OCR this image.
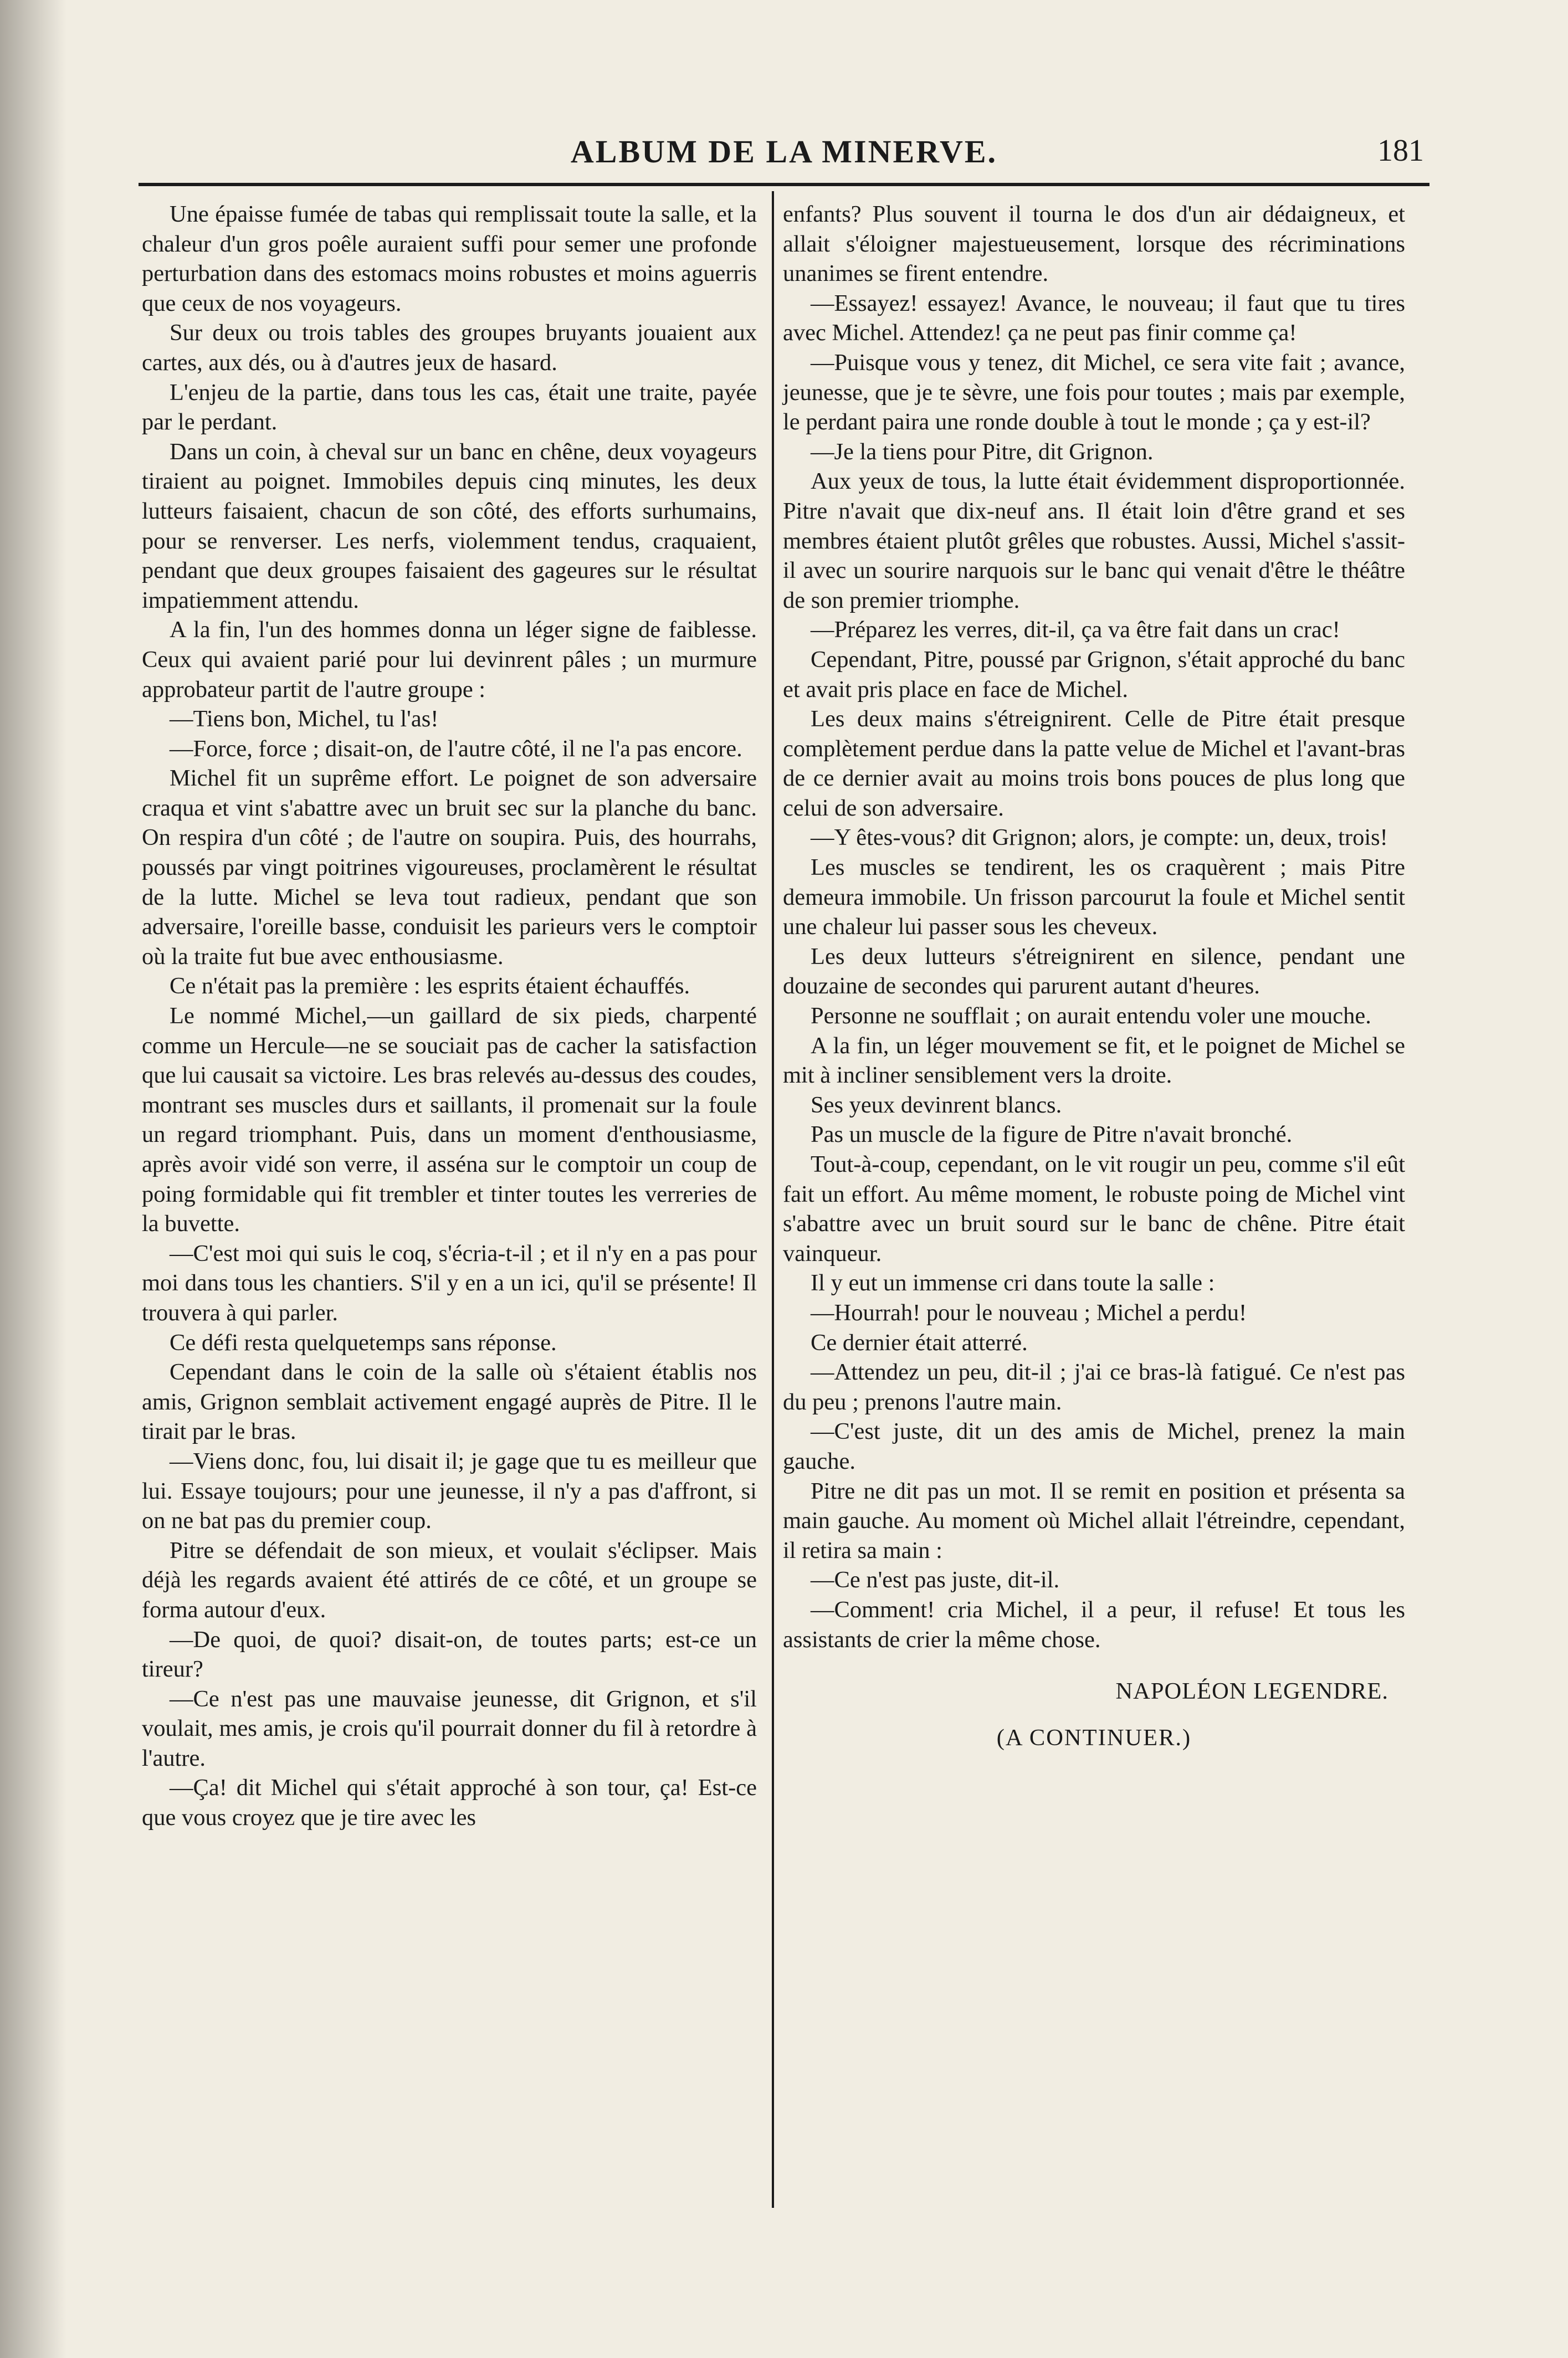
ALBUM DE LA MINERVE.	181

Une épaisse fumée de tabas qui remplissait toute la salle, et la chaleur d'un gros poêle auraient suffi pour semer une profonde perturbation dans des estomacs moins robustes et moins aguerris que ceux de nos voyageurs.

Sur deux ou trois tables des groupes bruyants jouaient aux cartes, aux dés, ou à d'autres jeux de hasard.

L'enjeu de la partie, dans tous les cas, était une traite, payée par le perdant.

Dans un coin, à cheval sur un banc en chêne, deux voyageurs tiraient au poignet. Immobiles depuis cinq minutes, les deux lutteurs faisaient, chacun de son côté, des efforts surhumains, pour se renverser. Les nerfs, violemment tendus, craquaient, pendant que deux groupes faisaient des gageures sur le résultat impatiemment attendu.

A la fin, l'un des hommes donna un léger signe de faiblesse. Ceux qui avaient parié pour lui devinrent pâles ; un murmure approbateur partit de l'autre groupe :

—Tiens bon, Michel, tu l'as!

—Force, force ; disait-on, de l'autre côté, il ne l'a pas encore.

Michel fit un suprême effort. Le poignet de son adversaire craqua et vint s'abattre avec un bruit sec sur la planche du banc. On respira d'un côté ; de l'autre on soupira. Puis, des hourrahs, poussés par vingt poitrines vigoureuses, proclamèrent le résultat de la lutte. Michel se leva tout radieux, pendant que son adversaire, l'oreille basse, conduisit les parieurs vers le comptoir où la traite fut bue avec enthousiasme.

Ce n'était pas la première : les esprits étaient échauffés.

Le nommé Michel,—un gaillard de six pieds, charpenté comme un Hercule—ne se souciait pas de cacher la satisfaction que lui causait sa victoire. Les bras relevés au-dessus des coudes, montrant ses muscles durs et saillants, il promenait sur la foule un regard triomphant. Puis, dans un moment d'enthousiasme, après avoir vidé son verre, il asséna sur le comptoir un coup de poing formidable qui fit trembler et tinter toutes les verreries de la buvette.

—C'est moi qui suis le coq, s'écria-t-il ; et il n'y en a pas pour moi dans tous les chantiers. S'il y en a un ici, qu'il se présente! Il trouvera à qui parler.

Ce défi resta quelquetemps sans réponse.

Cependant dans le coin de la salle où s'étaient établis nos amis, Grignon semblait activement engagé auprès de Pitre. Il le tirait par le bras.

—Viens donc, fou, lui disait il; je gage que tu es meilleur que lui. Essaye toujours; pour une jeunesse, il n'y a pas d'affront, si on ne bat pas du premier coup.

Pitre se défendait de son mieux, et voulait s'éclipser. Mais déjà les regards avaient été attirés de ce côté, et un groupe se forma autour d'eux.

—De quoi, de quoi? disait-on, de toutes parts; est-ce un tireur?

—Ce n'est pas une mauvaise jeunesse, dit Grignon, et s'il voulait, mes amis, je crois qu'il pourrait donner du fil à retordre à l'autre.

—Ça! dit Michel qui s'était approché à son tour, ça! Est-ce que vous croyez que je tire avec les

enfants? Plus souvent il tourna le dos d'un air dédaigneux, et allait s'éloigner majestueusement, lorsque des récriminations unanimes se firent entendre.

—Essayez! essayez! Avance, le nouveau; il faut que tu tires avec Michel. Attendez! ça ne peut pas finir comme ça!

—Puisque vous y tenez, dit Michel, ce sera vite fait ; avance, jeunesse, que je te sèvre, une fois pour toutes ; mais par exemple, le perdant paira une ronde double à tout le monde ; ça y est-il?

—Je la tiens pour Pitre, dit Grignon.

Aux yeux de tous, la lutte était évidemment disproportionnée. Pitre n'avait que dix-neuf ans. Il était loin d'être grand et ses membres étaient plutôt grêles que robustes. Aussi, Michel s'assit-il avec un sourire narquois sur le banc qui venait d'être le théâtre de son premier triomphe.

—Préparez les verres, dit-il, ça va être fait dans un crac!

Cependant, Pitre, poussé par Grignon, s'était approché du banc et avait pris place en face de Michel.

Les deux mains s'étreignirent. Celle de Pitre était presque complètement perdue dans la patte velue de Michel et l'avant-bras de ce dernier avait au moins trois bons pouces de plus long que celui de son adversaire.

—Y êtes-vous? dit Grignon; alors, je compte: un, deux, trois!

Les muscles se tendirent, les os craquèrent ; mais Pitre demeura immobile. Un frisson parcourut la foule et Michel sentit une chaleur lui passer sous les cheveux.

Les deux lutteurs s'étreignirent en silence, pendant une douzaine de secondes qui parurent autant d'heures.

Personne ne soufflait ; on aurait entendu voler une mouche.

A la fin, un léger mouvement se fit, et le poignet de Michel se mit à incliner sensiblement vers la droite.

Ses yeux devinrent blancs.

Pas un muscle de la figure de Pitre n'avait bronché.

Tout-à-coup, cependant, on le vit rougir un peu, comme s'il eût fait un effort. Au même moment, le robuste poing de Michel vint s'abattre avec un bruit sourd sur le banc de chêne. Pitre était vainqueur.

Il y eut un immense cri dans toute la salle :

—Hourrah! pour le nouveau ; Michel a perdu!

Ce dernier était atterré.

—Attendez un peu, dit-il ; j'ai ce bras-là fatigué. Ce n'est pas du peu ; prenons l'autre main.

—C'est juste, dit un des amis de Michel, prenez la main gauche.

Pitre ne dit pas un mot. Il se remit en position et présenta sa main gauche. Au moment où Michel allait l'étreindre, cependant, il retira sa main :

—Ce n'est pas juste, dit-il.

—Comment! cria Michel, il a peur, il refuse! Et tous les assistants de crier la même chose.

NAPOLÉON LEGENDRE.

(A CONTINUER.)
